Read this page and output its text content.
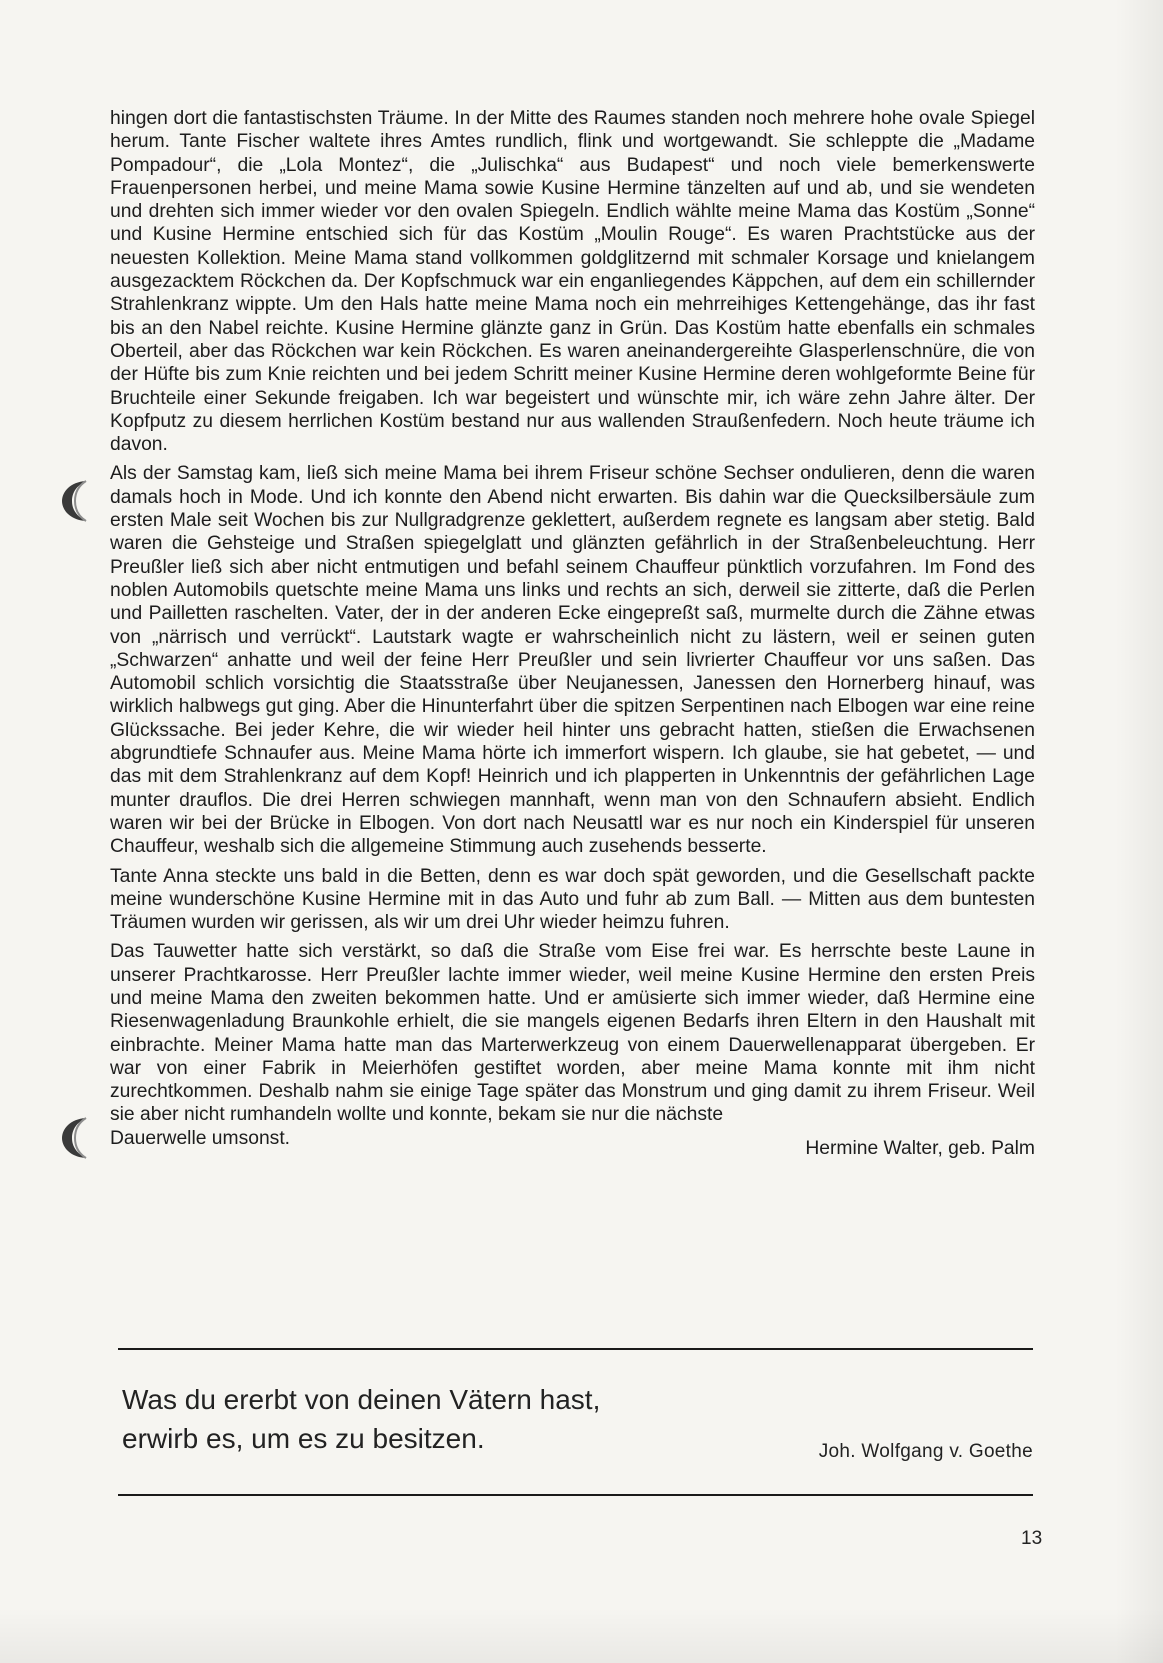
hingen dort die fantastischsten Träume. In der Mitte des Raumes standen noch mehrere hohe ovale Spiegel herum. Tante Fischer waltete ihres Amtes rundlich, flink und wortgewandt. Sie schleppte die „Madame Pompadour“, die „Lola Montez“, die „Julischka“ aus Budapest“ und noch viele bemerkenswerte Frauenpersonen herbei, und meine Mama sowie Kusine Hermine tänzelten auf und ab, und sie wendeten und drehten sich immer wieder vor den ovalen Spiegeln. Endlich wählte meine Mama das Kostüm „Sonne“ und Kusine Hermine entschied sich für das Kostüm „Moulin Rouge“. Es waren Prachtstücke aus der neuesten Kollektion. Meine Mama stand vollkommen goldglitzernd mit schmaler Korsage und knielangem ausgezacktem Röckchen da. Der Kopfschmuck war ein enganliegendes Käppchen, auf dem ein schillernder Strahlenkranz wippte. Um den Hals hatte meine Mama noch ein mehrreihiges Kettengehänge, das ihr fast bis an den Nabel reichte. Kusine Hermine glänzte ganz in Grün. Das Kostüm hatte ebenfalls ein schmales Oberteil, aber das Röckchen war kein Röckchen. Es waren aneinandergereihte Glasperlenschnüre, die von der Hüfte bis zum Knie reichten und bei jedem Schritt meiner Kusine Hermine deren wohlgeformte Beine für Bruchteile einer Sekunde freigaben. Ich war begeistert und wünschte mir, ich wäre zehn Jahre älter. Der Kopfputz zu diesem herrlichen Kostüm bestand nur aus wallenden Straußenfedern. Noch heute träume ich davon.

Als der Samstag kam, ließ sich meine Mama bei ihrem Friseur schöne Sechser ondulieren, denn die waren damals hoch in Mode. Und ich konnte den Abend nicht erwarten. Bis dahin war die Quecksilbersäule zum ersten Male seit Wochen bis zur Nullgradgrenze geklettert, außerdem regnete es langsam aber stetig. Bald waren die Gehsteige und Straßen spiegelglatt und glänzten gefährlich in der Straßenbeleuchtung. Herr Preußler ließ sich aber nicht entmutigen und befahl seinem Chauffeur pünktlich vorzufahren. Im Fond des noblen Automobils quetschte meine Mama uns links und rechts an sich, derweil sie zitterte, daß die Perlen und Pailletten raschelten. Vater, der in der anderen Ecke eingepreßt saß, murmelte durch die Zähne etwas von „närrisch und verrückt“. Lautstark wagte er wahrscheinlich nicht zu lästern, weil er seinen guten „Schwarzen“ anhatte und weil der feine Herr Preußler und sein livrierter Chauffeur vor uns saßen. Das Automobil schlich vorsichtig die Staatsstraße über Neujanessen, Janessen den Hornerberg hinauf, was wirklich halbwegs gut ging. Aber die Hinunterfahrt über die spitzen Serpentinen nach Elbogen war eine reine Glückssache. Bei jeder Kehre, die wir wieder heil hinter uns gebracht hatten, stießen die Erwachsenen abgrundtiefe Schnaufer aus. Meine Mama hörte ich immerfort wispern. Ich glaube, sie hat gebetet, — und das mit dem Strahlenkranz auf dem Kopf! Heinrich und ich plapperten in Unkenntnis der gefährlichen Lage munter drauflos. Die drei Herren schwiegen mannhaft, wenn man von den Schnaufern absieht. Endlich waren wir bei der Brücke in Elbogen. Von dort nach Neusattl war es nur noch ein Kinderspiel für unseren Chauffeur, weshalb sich die allgemeine Stimmung auch zusehends besserte.

Tante Anna steckte uns bald in die Betten, denn es war doch spät geworden, und die Gesellschaft packte meine wunderschöne Kusine Hermine mit in das Auto und fuhr ab zum Ball. — Mitten aus dem buntesten Träumen wurden wir gerissen, als wir um drei Uhr wieder heimzu fuhren.

Das Tauwetter hatte sich verstärkt, so daß die Straße vom Eise frei war. Es herrschte beste Laune in unserer Prachtkarosse. Herr Preußler lachte immer wieder, weil meine Kusine Hermine den ersten Preis und meine Mama den zweiten bekommen hatte. Und er amüsierte sich immer wieder, daß Hermine eine Riesenwagenladung Braunkohle erhielt, die sie mangels eigenen Bedarfs ihren Eltern in den Haushalt mit einbrachte. Meiner Mama hatte man das Marterwerkzeug von einem Dauerwellenapparat übergeben. Er war von einer Fabrik in Meierhöfen gestiftet worden, aber meine Mama konnte mit ihm nicht zurechtkommen. Deshalb nahm sie einige Tage später das Monstrum und ging damit zu ihrem Friseur. Weil sie aber nicht rumhandeln wollte und konnte, bekam sie nur die nächste

Dauerwelle umsonst.	Hermine Walter, geb. Palm
Was du ererbt von deinen Vätern hast,
erwirb es, um es zu besitzen.	Joh. Wolfgang v. Goethe
13
